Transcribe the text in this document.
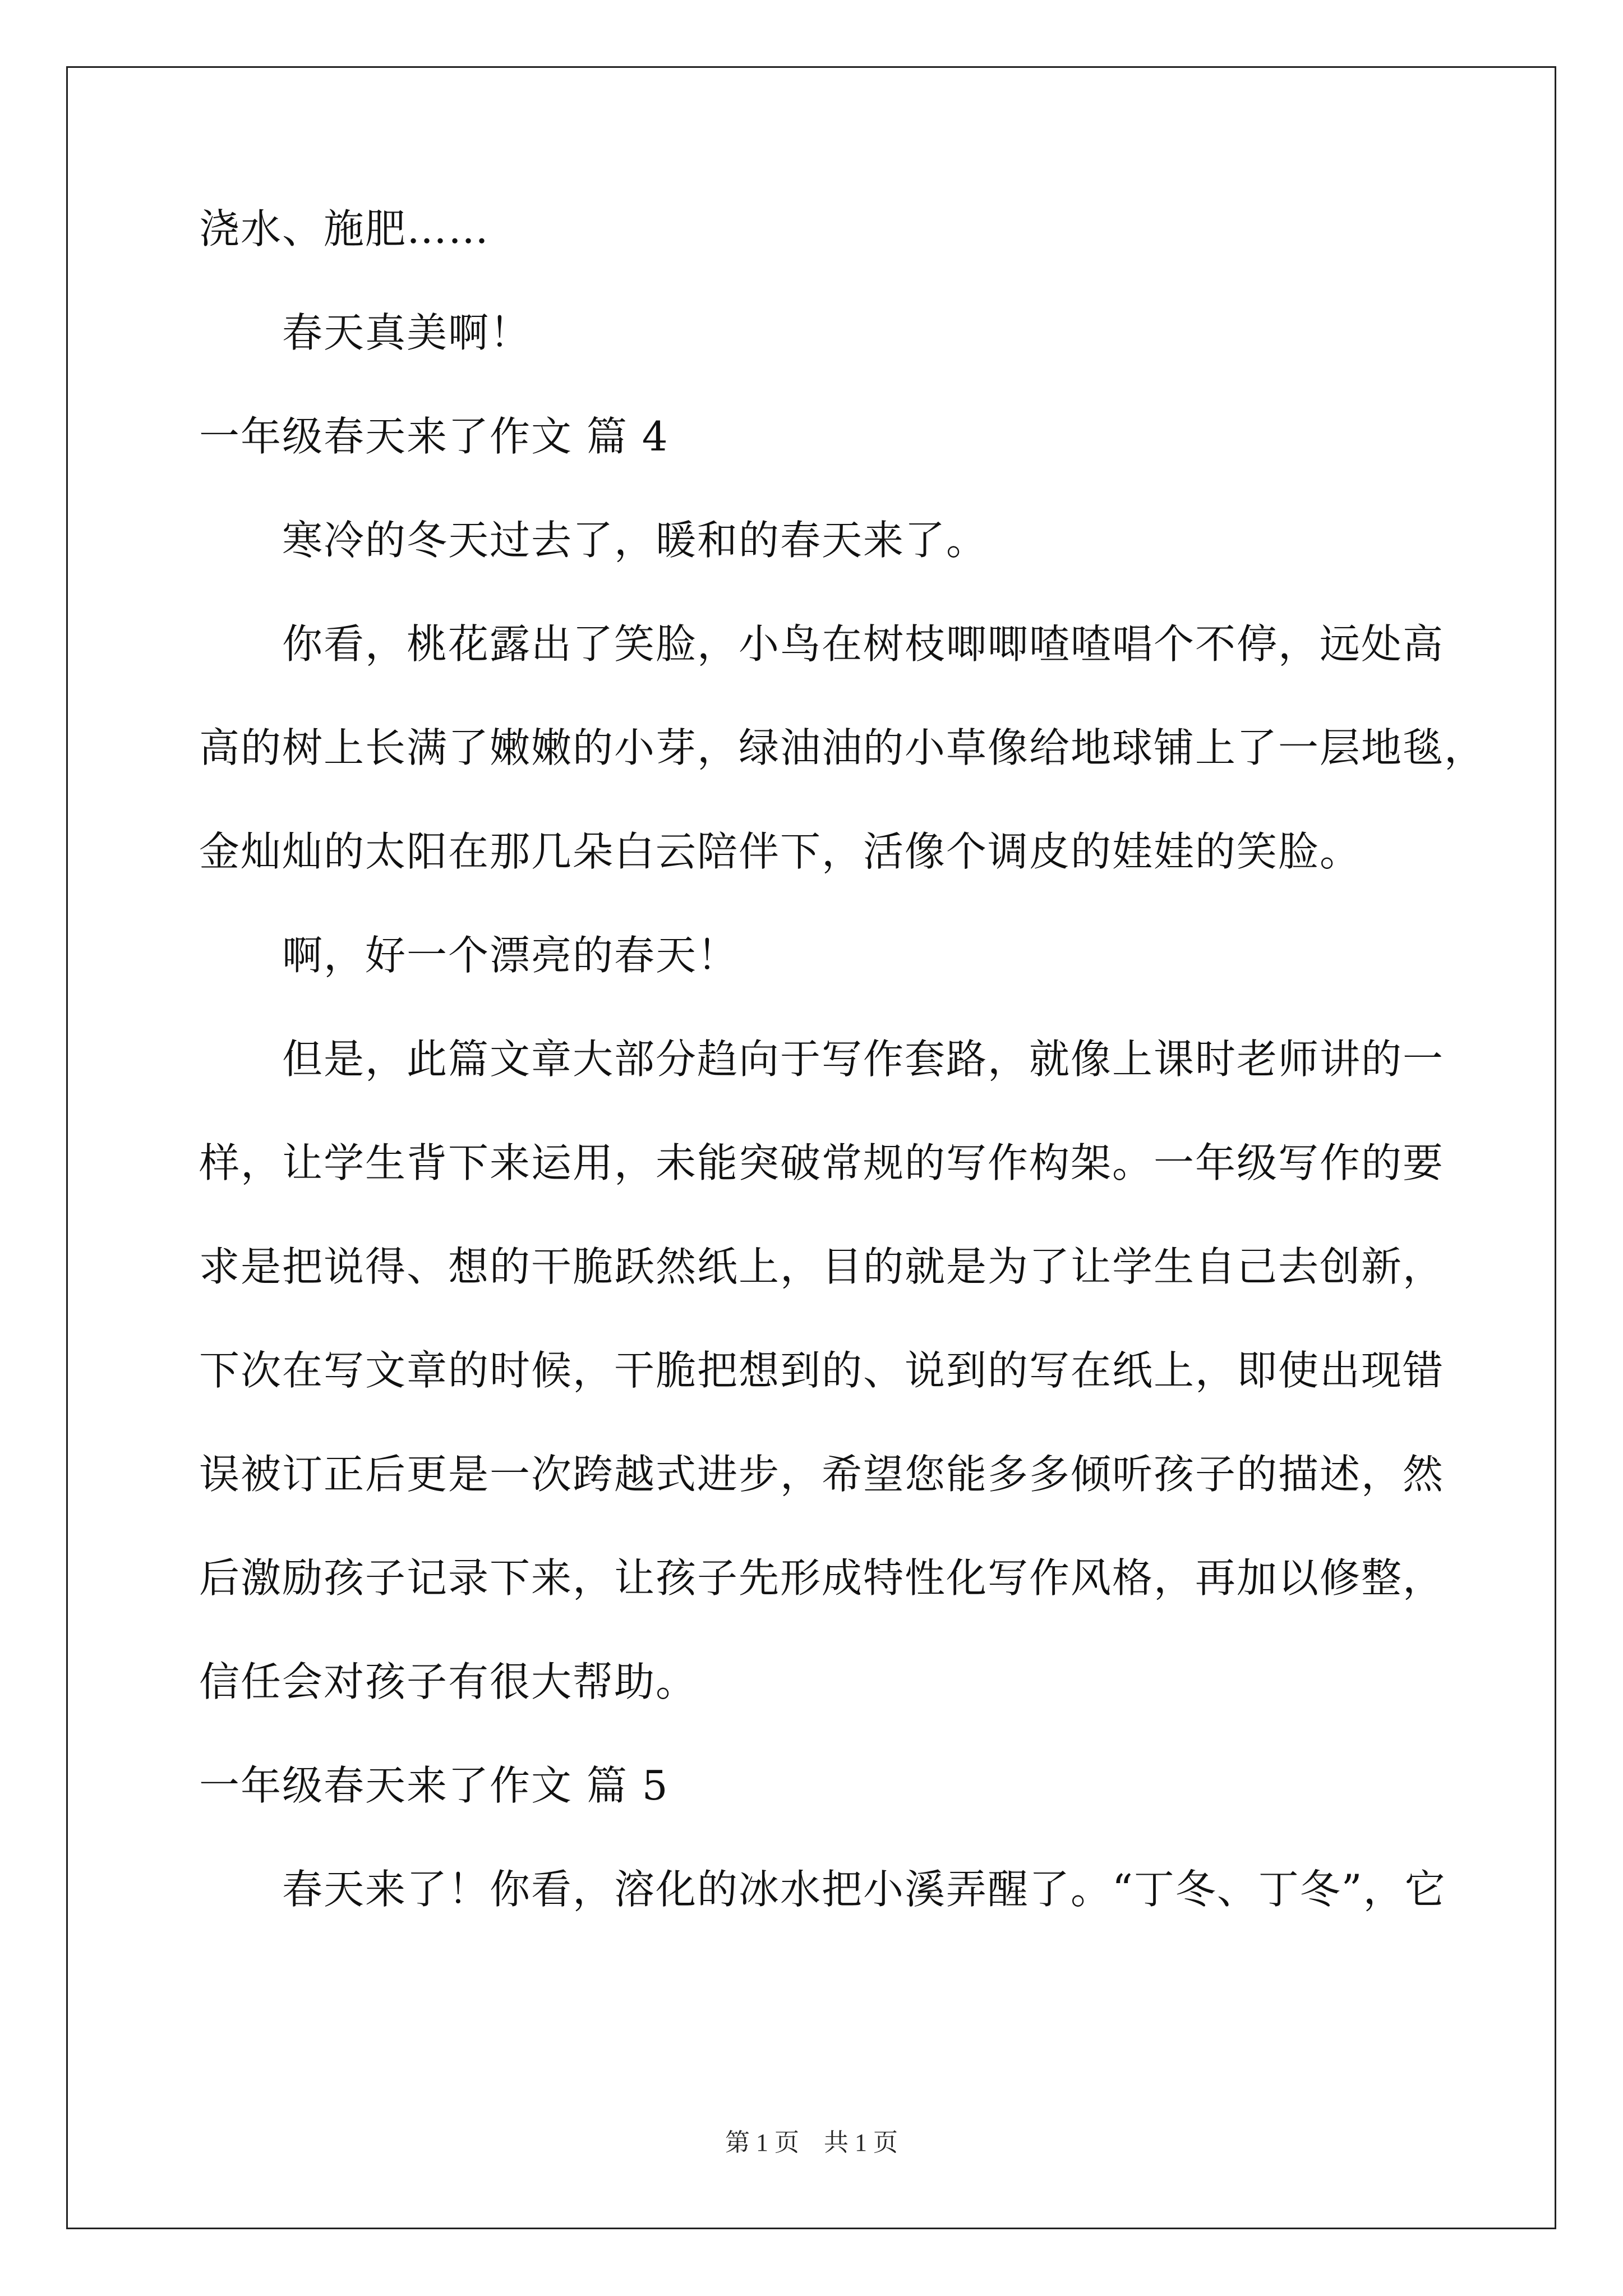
浇水、施肥……
春天真美啊！
一年级春天来了作文 篇 4
寒冷的冬天过去了，暖和的春天来了。
你看，桃花露出了笑脸，小鸟在树枝唧唧喳喳唱个不停，远处高
高的树上长满了嫩嫩的小芽，绿油油的小草像给地球铺上了一层地毯，
金灿灿的太阳在那几朵白云陪伴下，活像个调皮的娃娃的笑脸。
啊，好一个漂亮的春天！
但是，此篇文章大部分趋向于写作套路，就像上课时老师讲的一
样，让学生背下来运用，未能突破常规的写作构架。一年级写作的要
求是把说得、想的干脆跃然纸上，目的就是为了让学生自己去创新，
下次在写文章的时候，干脆把想到的、说到的写在纸上，即使出现错
误被订正后更是一次跨越式进步，希望您能多多倾听孩子的描述，然
后激励孩子记录下来，让孩子先形成特性化写作风格，再加以修整，
信任会对孩子有很大帮助。
一年级春天来了作文 篇 5
春天来了！你看，溶化的冰水把小溪弄醒了。“丁冬、丁冬”，它
第 1 页　共 1 页
